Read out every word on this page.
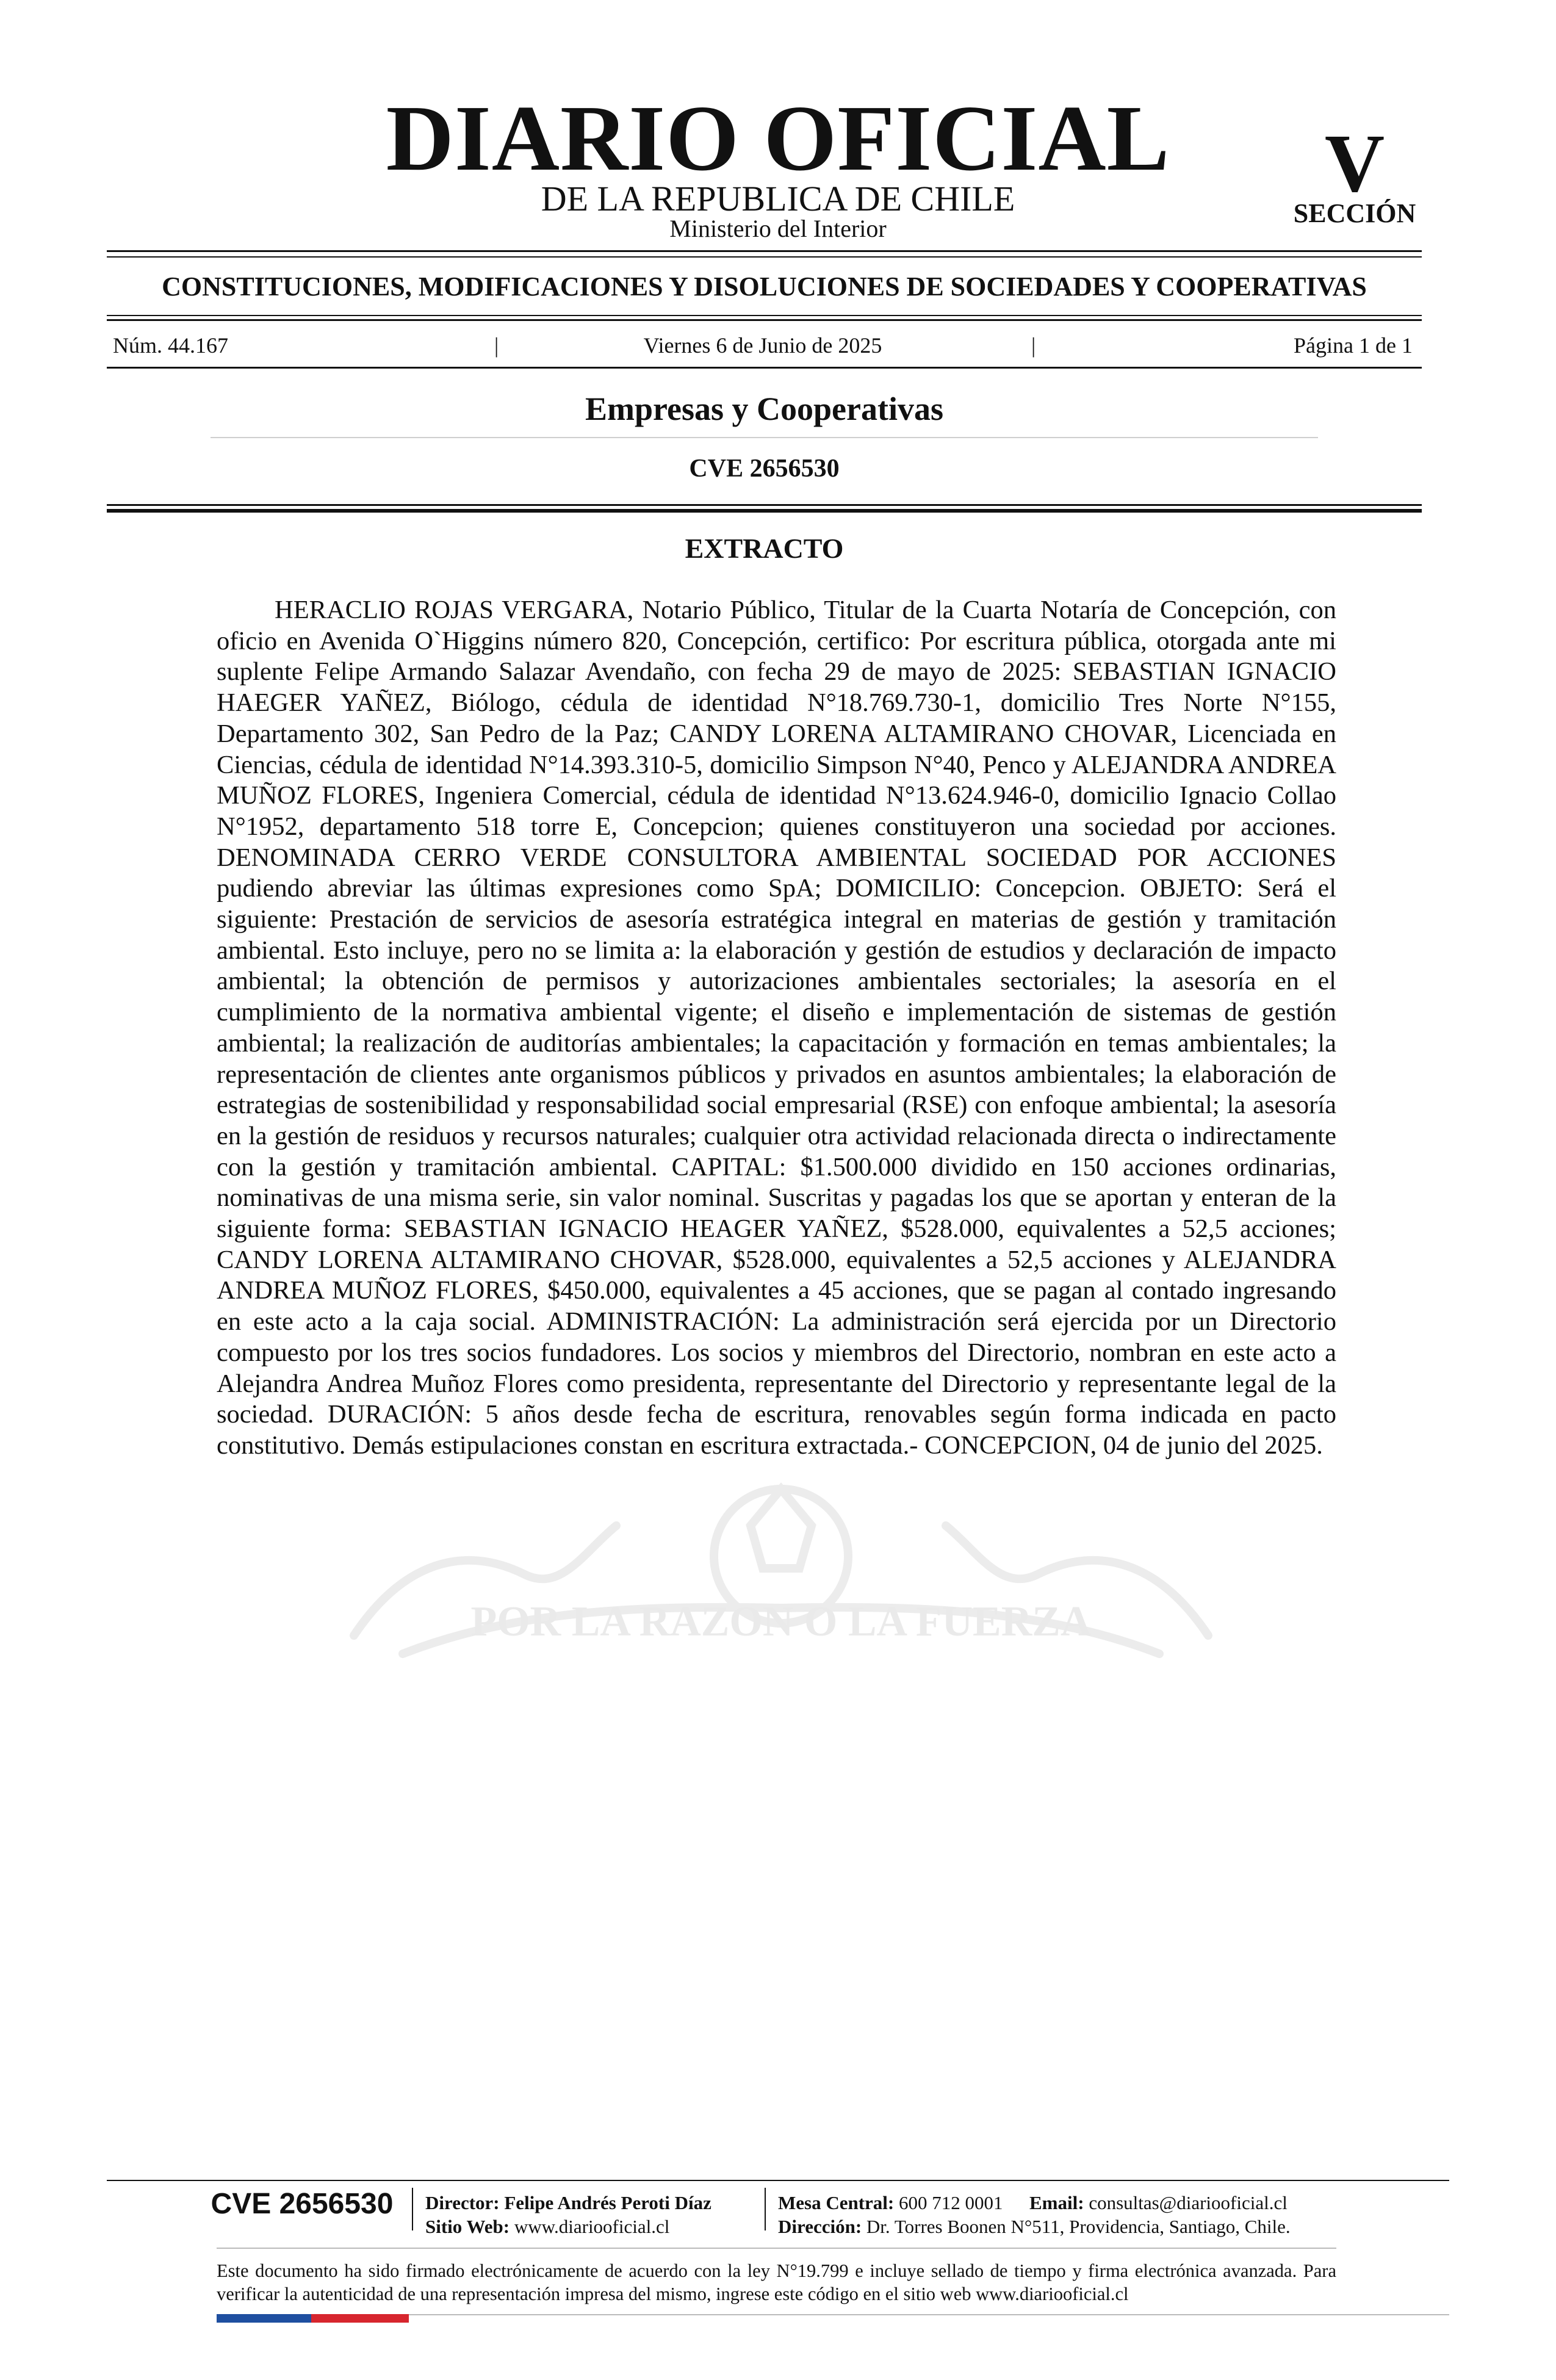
DIARIO OFICIAL
DE LA REPUBLICA DE CHILE
Ministerio del Interior
V
SECCIÓN
CONSTITUCIONES, MODIFICACIONES Y DISOLUCIONES DE SOCIEDADES Y COOPERATIVAS
Núm. 44.167	|	Viernes 6 de Junio de 2025	|	Página 1 de 1
Empresas y Cooperativas
CVE 2656530
POR LA RAZON O LA FUERZA

HERACLIO ROJAS VERGARA, Notario Público, Titular de la Cuarta Notaría de Concepción, con oficio en Avenida O`Higgins número 820, Concepción, certifico: Por escritura pública, otorgada ante mi suplente Felipe Armando Salazar Avendaño, con fecha 29 de mayo de 2025: SEBASTIAN IGNACIO HAEGER YAÑEZ, Biólogo, cédula de identidad N°18.769.730-1, domicilio Tres Norte N°155, Departamento 302, San Pedro de la Paz; CANDY LORENA ALTAMIRANO CHOVAR, Licenciada en Ciencias, cédula de identidad N°14.393.310-5, domicilio Simpson N°40, Penco y ALEJANDRA ANDREA MUÑOZ FLORES, Ingeniera Comercial, cédula de identidad N°13.624.946-0, domicilio Ignacio Collao N°1952, departamento 518 torre E, Concepcion; quienes constituyeron una sociedad por acciones. DENOMINADA CERRO VERDE CONSULTORA AMBIENTAL SOCIEDAD POR ACCIONES pudiendo abreviar las últimas expresiones como SpA; DOMICILIO: Concepcion. OBJETO: Será el siguiente: Prestación de servicios de asesoría estratégica integral en materias de gestión y tramitación ambiental. Esto incluye, pero no se limita a: la elaboración y gestión de estudios y declaración de impacto ambiental; la obtención de permisos y autorizaciones ambientales sectoriales; la asesoría en el cumplimiento de la normativa ambiental vigente; el diseño e implementación de sistemas de gestión ambiental; la realización de auditorías ambientales; la capacitación y formación en temas ambientales; la representación de clientes ante organismos públicos y privados en asuntos ambientales; la elaboración de estrategias de sostenibilidad y responsabilidad social empresarial (RSE) con enfoque ambiental; la asesoría en la gestión de residuos y recursos naturales; cualquier otra actividad relacionada directa o indirectamente con la gestión y tramitación ambiental. CAPITAL: $1.500.000 dividido en 150 acciones ordinarias, nominativas de una misma serie, sin valor nominal. Suscritas y pagadas los que se aportan y enteran de la siguiente forma: SEBASTIAN IGNACIO HEAGER YAÑEZ, $528.000, equivalentes a 52,5 acciones; CANDY LORENA ALTAMIRANO CHOVAR, $528.000, equivalentes a 52,5 acciones y ALEJANDRA ANDREA MUÑOZ FLORES, $450.000, equivalentes a 45 acciones, que se pagan al contado ingresando en este acto a la caja social. ADMINISTRACIÓN: La administración será ejercida por un Directorio compuesto por los tres socios fundadores. Los socios y miembros del Directorio, nombran en este acto a Alejandra Andrea Muñoz Flores como presidenta, representante del Directorio y representante legal de la sociedad. DURACIÓN: 5 años desde fecha de escritura, renovables según forma indicada en pacto constitutivo. Demás estipulaciones constan en escritura extractada.- CONCEPCION, 04 de junio del 2025.

EXTRACTO
CVE 2656530	Director: Felipe Andrés Peroti Díaz
Sitio Web: www.diariooficial.cl
Mesa Central: 600 712 0001 Email: consultas@diariooficial.cl
Dirección: Dr. Torres Boonen N°511, Providencia, Santiago, Chile.

Este documento ha sido firmado electrónicamente de acuerdo con la ley N°19.799 e incluye sellado de tiempo y firma electrónica avanzada. Para verificar la autenticidad de una representación impresa del mismo, ingrese este código en el sitio web www.diariooficial.cl
